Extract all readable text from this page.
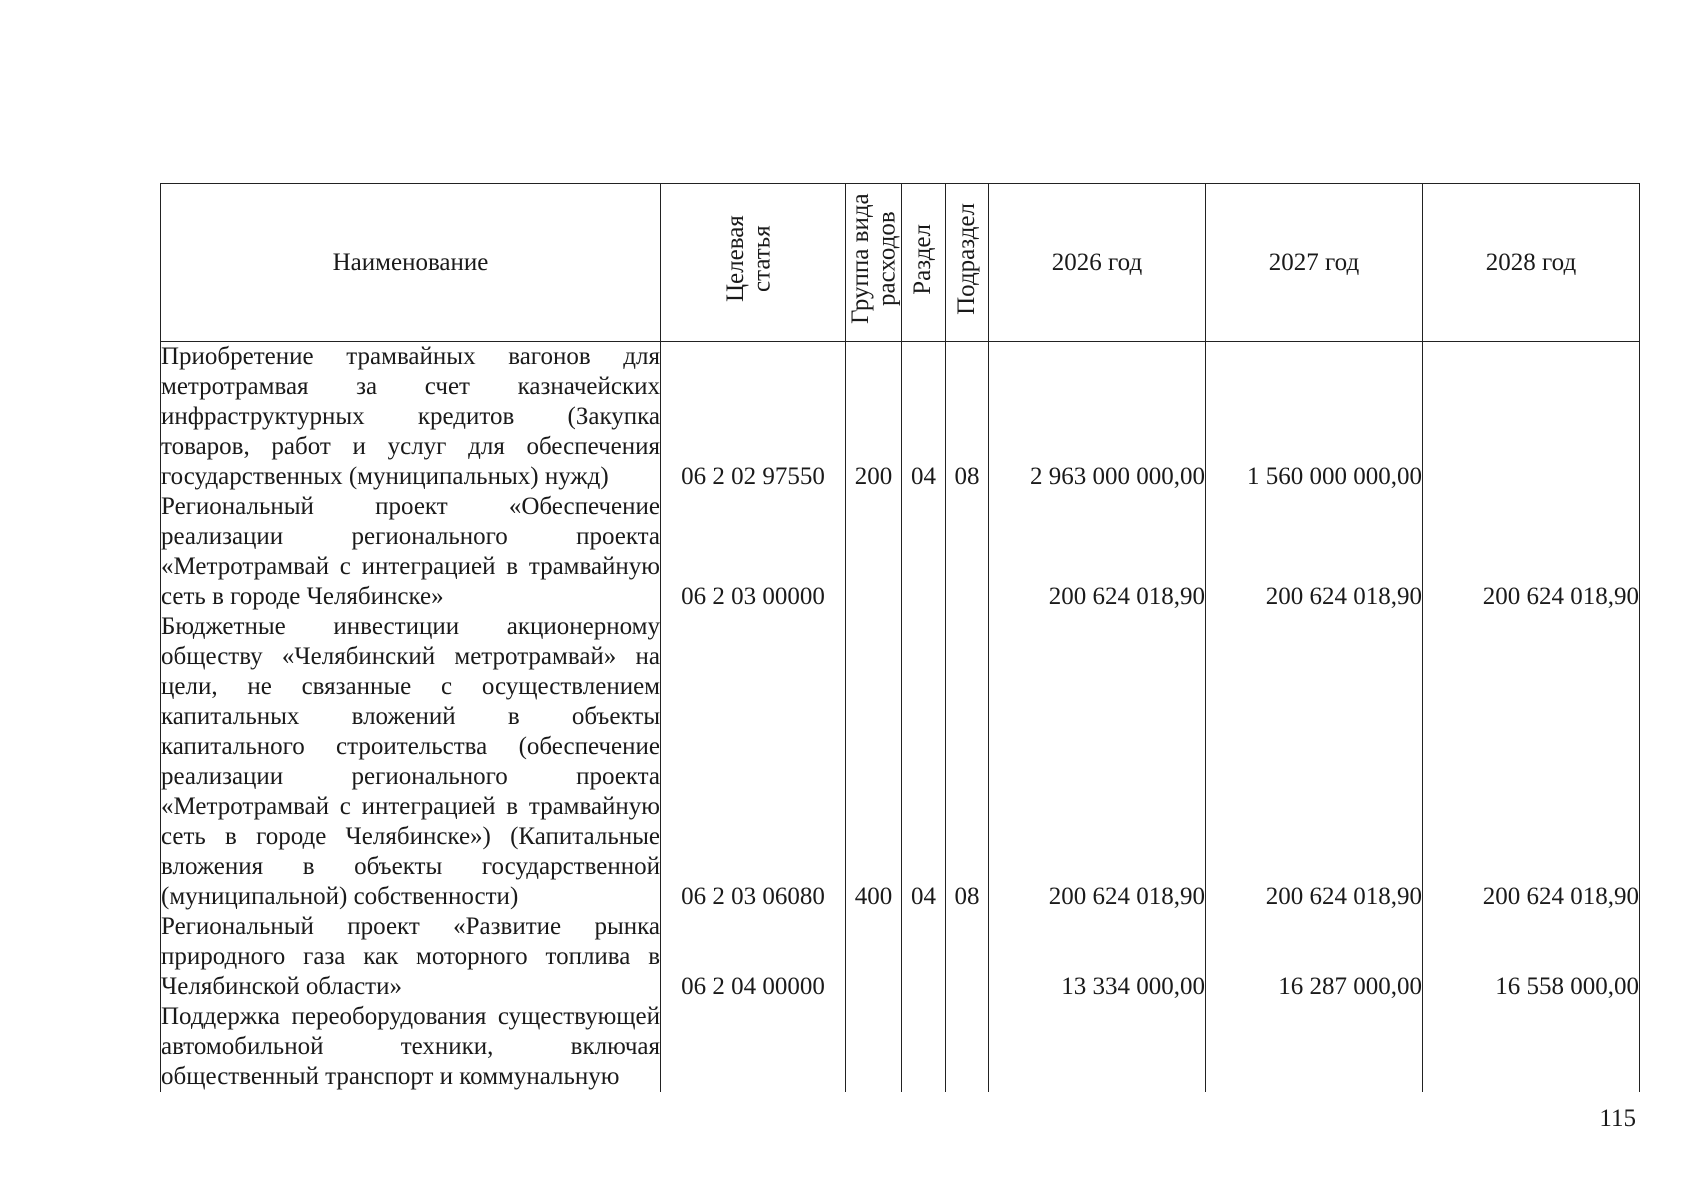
Наименование	Целевая статья	Группа вида расходов	Раздел	Подраздел	2026 год	2027 год	2028 год
Приобретение трамвайных вагонов для метротрамвая за счет казначейских инфраструктурных кредитов (Закупка товаров, работ и услуг для обеспечения государственных (муниципальных) нужд)	06 2 02 97550	200	04	08	2 963 000 000,00	1 560 000 000,00	
Региональный проект «Обеспечение реализации регионального проекта «Метротрамвай с интеграцией в трамвайную сеть в городе Челябинске»	06 2 03 00000				200 624 018,90	200 624 018,90	200 624 018,90
Бюджетные инвестиции акционерному обществу «Челябинский метротрамвай» на цели, не связанные с осуществлением капитальных вложений в объекты капитального строительства (обеспечение реализации регионального проекта «Метротрамвай с интеграцией в трамвайную сеть в городе Челябинске») (Капитальные вложения в объекты государственной (муниципальной) собственности)	06 2 03 06080	400	04	08	200 624 018,90	200 624 018,90	200 624 018,90
Региональный проект «Развитие рынка природного газа как моторного топлива в Челябинской области»	06 2 04 00000				13 334 000,00	16 287 000,00	16 558 000,00
Поддержка переоборудования существующей автомобильной техники, включая общественный транспорт и коммунальную							
115
